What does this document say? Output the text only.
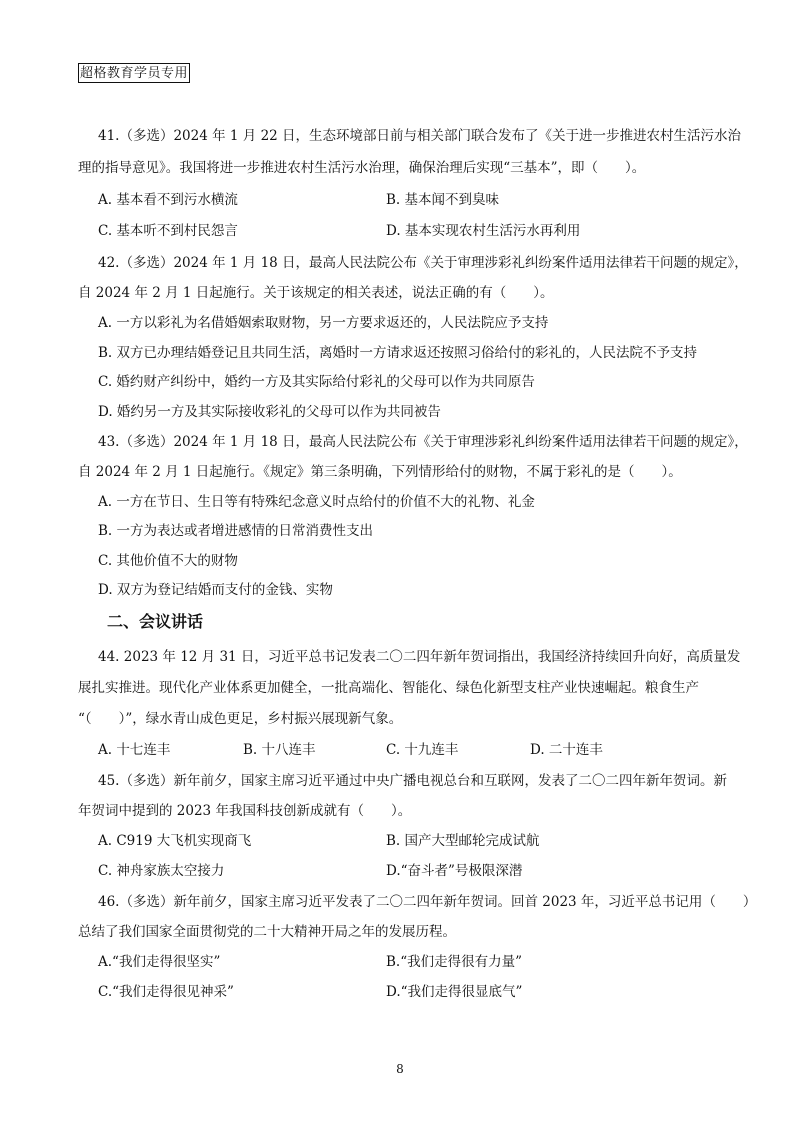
超格教育学员专用
41.（多选）2024 年 1 月 22 日，生态环境部日前与相关部门联合发布了《关于进一步推进农村生活污水治
理的指导意见》。我国将进一步推进农村生活污水治理，确保治理后实现“三基本”，即（　　）。
A. 基本看不到污水横流	B. 基本闻不到臭味
C. 基本听不到村民怨言	D. 基本实现农村生活污水再利用
42.（多选）2024 年 1 月 18 日，最高人民法院公布《关于审理涉彩礼纠纷案件适用法律若干问题的规定》，
自 2024 年 2 月 1 日起施行。关于该规定的相关表述，说法正确的有（　　）。
A. 一方以彩礼为名借婚姻索取财物，另一方要求返还的，人民法院应予支持
B. 双方已办理结婚登记且共同生活，离婚时一方请求返还按照习俗给付的彩礼的，人民法院不予支持
C. 婚约财产纠纷中，婚约一方及其实际给付彩礼的父母可以作为共同原告
D. 婚约另一方及其实际接收彩礼的父母可以作为共同被告
43.（多选）2024 年 1 月 18 日，最高人民法院公布《关于审理涉彩礼纠纷案件适用法律若干问题的规定》，
自 2024 年 2 月 1 日起施行。《规定》第三条明确，下列情形给付的财物，不属于彩礼的是（　　）。
A. 一方在节日、生日等有特殊纪念意义时点给付的价值不大的礼物、礼金
B. 一方为表达或者增进感情的日常消费性支出
C. 其他价值不大的财物
D. 双方为登记结婚而支付的金钱、实物
二、会议讲话
44. 2023 年 12 月 31 日，习近平总书记发表二〇二四年新年贺词指出，我国经济持续回升向好，高质量发
展扎实推进。现代化产业体系更加健全，一批高端化、智能化、绿色化新型支柱产业快速崛起。粮食生产
“（　　）”，绿水青山成色更足，乡村振兴展现新气象。
A. 十七连丰	B. 十八连丰	C. 十九连丰	D. 二十连丰
45.（多选）新年前夕，国家主席习近平通过中央广播电视总台和互联网，发表了二〇二四年新年贺词。新
年贺词中提到的 2023 年我国科技创新成就有（　　）。
A. C919 大飞机实现商飞	B. 国产大型邮轮完成试航
C. 神舟家族太空接力	D.“奋斗者”号极限深潜
46.（多选）新年前夕，国家主席习近平发表了二〇二四年新年贺词。回首 2023 年，习近平总书记用（　　）
总结了我们国家全面贯彻党的二十大精神开局之年的发展历程。
A.“我们走得很坚实”	B.“我们走得很有力量”
C.“我们走得很见神采”	D.“我们走得很显底气”
8
